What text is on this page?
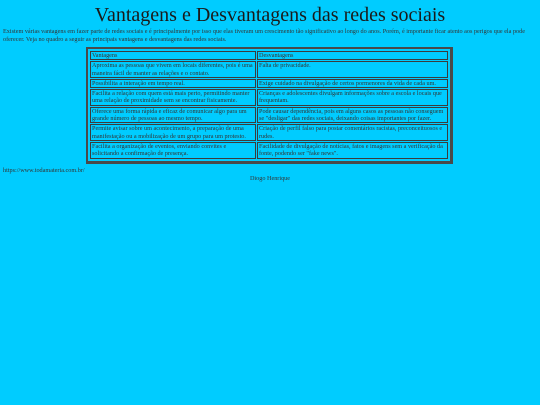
Vantagens e Desvantagens das redes sociais

Existem várias vantagens em fazer parte de redes sociais e é principalmente por isso que elas tiveram um crescimento tão significativo ao longo do anos. Porém, é importante ficar atento aos perigos que ela pode oferecer. Veja no quadro a seguir as principais vantagens e desvantagens das redes sociais.

Vantagens	Desvantagens
Aproxima as pessoas que vivem em locais diferentes, pois é uma maneira fácil de manter as relações e o contato.	Falta de privacidade.
Possibilita a interação em tempo real.	Exige cuidado na divulgação de certos pormenores da vida de cada um.
Facilita a relação com quem está mais perto, permitindo manter uma relação de proximidade sem se encontrar fisicamente.	Crianças e adolescentes divulgam informações sobre a escola e locais que frequentam.
Oferece uma forma rápida e eficaz de comunicar algo para um grande número de pessoas ao mesmo tempo.	Pode causar dependência, pois em alguns casos as pessoas não conseguem se "desligar" das redes sociais, deixando coisas importantes por fazer.
Permite avisar sobre um acontecimento, a preparação de uma manifestação ou a mobilização de um grupo para um protesto.	Criação de perfil falso para postar comentários racistas, preconceituosos e rudes.
Facilita a organização de eventos, enviando convites e solicitando a confirmação de presença.	Facilidade de divulgação de notícias, fatos e imagens sem a verificação da fonte, podendo ser "fake news".

https://www.todamateria.com.br/

Diogo Henrique
